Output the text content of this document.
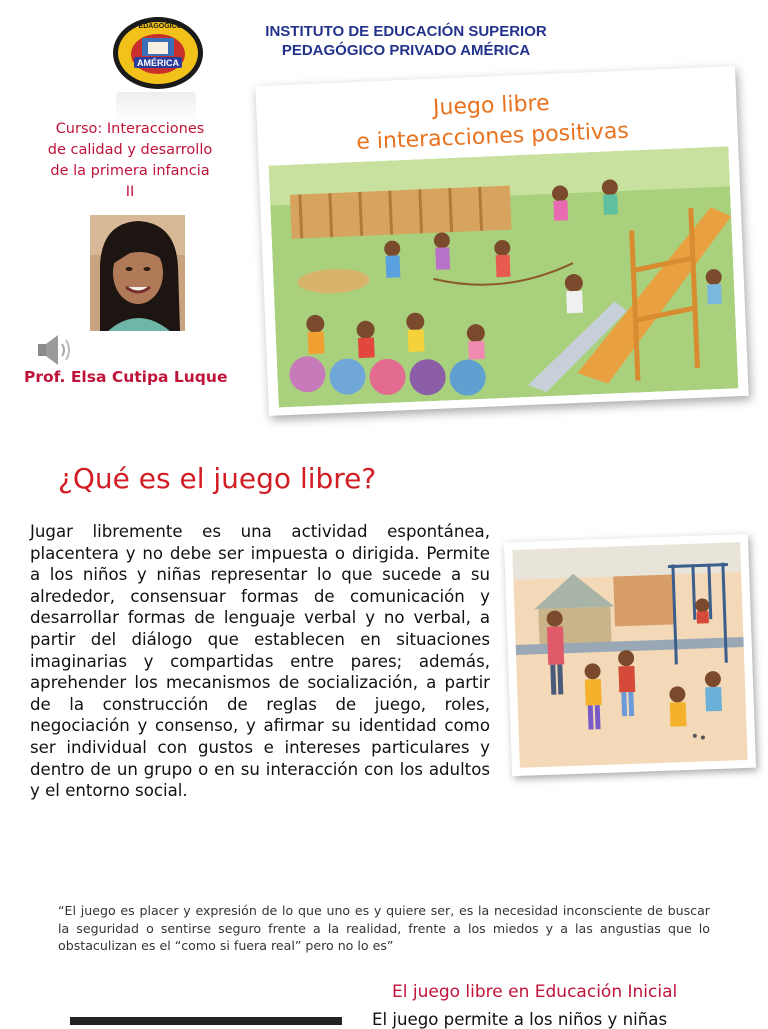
AMÉRICA
PEDAGÓGICO	INSTITUTO DE EDUCACIÓN SUPERIOR
PEDAGÓGICO PRIVADO AMÉRICA
Curso: Interacciones
de calidad y desarrollo
de la primera infancia
II
Prof. Elsa Cutipa Luque
Juego libre
e interacciones positivas
¿Qué es el juego libre?
Jugar libremente es una actividad espontánea, placentera y no debe ser impuesta o dirigida. Permite a los niños y niñas representar lo que sucede a su alrededor, consensuar formas de comunicación y desarrollar formas de lenguaje verbal y no verbal, a partir del diálogo que establecen en situaciones imaginarias y compartidas entre pares; además, aprehender los mecanismos de socialización, a partir de la construcción de reglas de juego, roles, negociación y consenso, y afirmar su identidad como ser individual con gustos e intereses particulares y dentro de un grupo o en su interacción con los adultos y el entorno social.
“El juego es placer y expresión de lo que uno es y quiere ser, es la necesidad inconsciente de buscar la seguridad o sentirse seguro frente a la realidad, frente a los miedos y a las angustias que lo obstaculizan es el “como si fuera real” pero no lo es”
El juego libre en Educación Inicial
El juego permite a los niños y niñas
